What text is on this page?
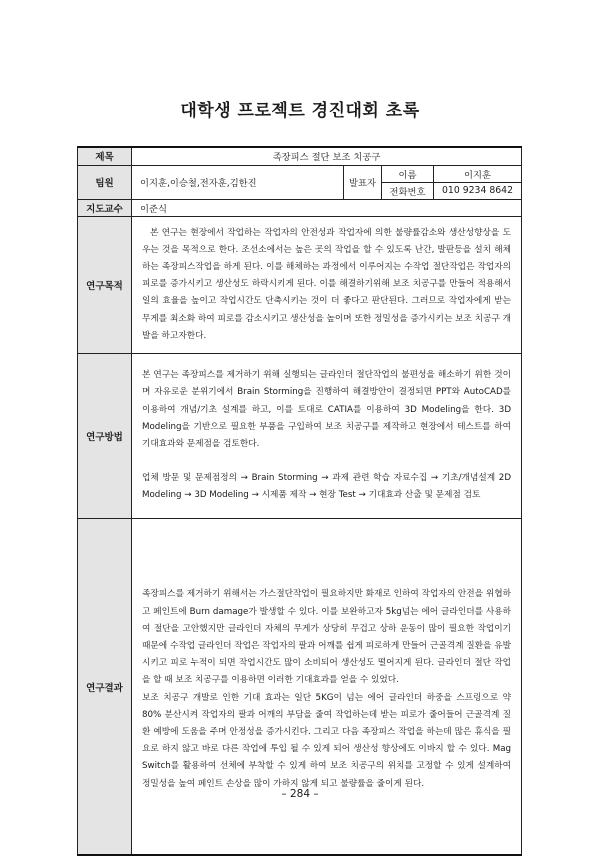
대학생 프로젝트 경진대회 초록
제목	족장피스 절단 보조 치공구			
팀원	이지훈,이승철,전자훈,김한진	발표자	이름	이지훈
			전화번호	010 9234 8642
지도교수	이준식			
연구목적	본 연구는 현장에서 작업하는 작업자의 안전성과 작업자에 의한 불량률감소와 생산성향상을 도우는 것을 목적으로 한다. 조선소에서는 높은 곳의 작업을 할 수 있도록 난간, 발판등을 설치 해체하는 족장피스작업을 하게 된다. 이를 해체하는 과정에서 이루어지는 수작업 절단작업은 작업자의 피로를 증가시키고 생산성도 하락시키게 된다. 이를 해결하기위해 보조 치공구를 만들어 적용해서 일의 효율을 높이고 작업시간도 단축시키는 것이 더 좋다고 판단된다. 그러므로 작업자에게 받는 무게를 최소화 하여 피로를 감소시키고 생산성을 높이며 또한 정밀성을 증가시키는 보조 치공구 개발을 하고자한다.			

연구방법	본 연구는 족장피스를 제거하기 위해 실행되는 글라인더 절단작업의 불편성을 해소하기 위한 것이며 자유로운 분위기에서 Brain Storming을 진행하여 해결방안이 결정되면 PPT와 AutoCAD를 이용하여 개념/기초 설계를 하고, 이를 토대로 CATIA를 이용하여 3D Modeling을 한다. 3D Modeling을 기반으로 필요한 부품을 구입하여 보조 치공구를 제작하고 현장에서 테스트를 하여 기대효과와 문제점을 검토한다.

업체 방문 및 문제점정의 → Brain Storming → 과제 관련 학습 자료수집 → 기초/개념설계 2D Modeling → 3D Modeling → 시제품 제작 → 현장 Test → 기대효과 산출 및 문제점 검토			

연구결과	족장피스를 제거하기 위해서는 가스절단작업이 필요하지만 화재로 인하여 작업자의 안전을 위협하고 페인트에 Burn damage가 발생할 수 있다. 이를 보완하고자 5kg넘는 에어 글라인더를 사용하여 절단을 고안했지만 글라인더 자체의 무게가 상당히 무겁고 상하 운동이 많이 필요한 작업이기 때문에 수작업 글라인더 작업은 작업자의 팔과 어깨를 쉽게 피로하게 만들어 근골격계 질환을 유발시키고 피로 누적이 되면 작업시간도 많이 소비되어 생산성도 떨어지게 된다. 글라인더 절단 작업을 할 때 보조 치공구를 이용하면 이러한 기대효과를 얻을 수 있었다.

보조 치공구 개발로 인한 기대 효과는 일단 5KG이 넘는 에어 글라인더 하중을 스프링으로 약 80% 분산시켜 작업자의 팔과 어깨의 부담을 줄여 작업하는데 받는 피로가 줄어들어 근골격계 질환 예방에 도움을 주며 안정성을 증가시킨다. 그리고 다음 족장피스 작업을 하는데 많은 휴식을 필요로 하지 않고 바로 다른 작업에 투입 될 수 있게 되어 생산성 향상에도 이바지 할 수 있다. Mag Switch를 활용하여 선체에 부착할 수 있게 하여 보조 치공구의 위치를 고정할 수 있게 설계하여 정밀성을 높여 페인트 손상을 많이 가하지 않게 되고 불량률을 줄이게 된다.			

– 284 –
